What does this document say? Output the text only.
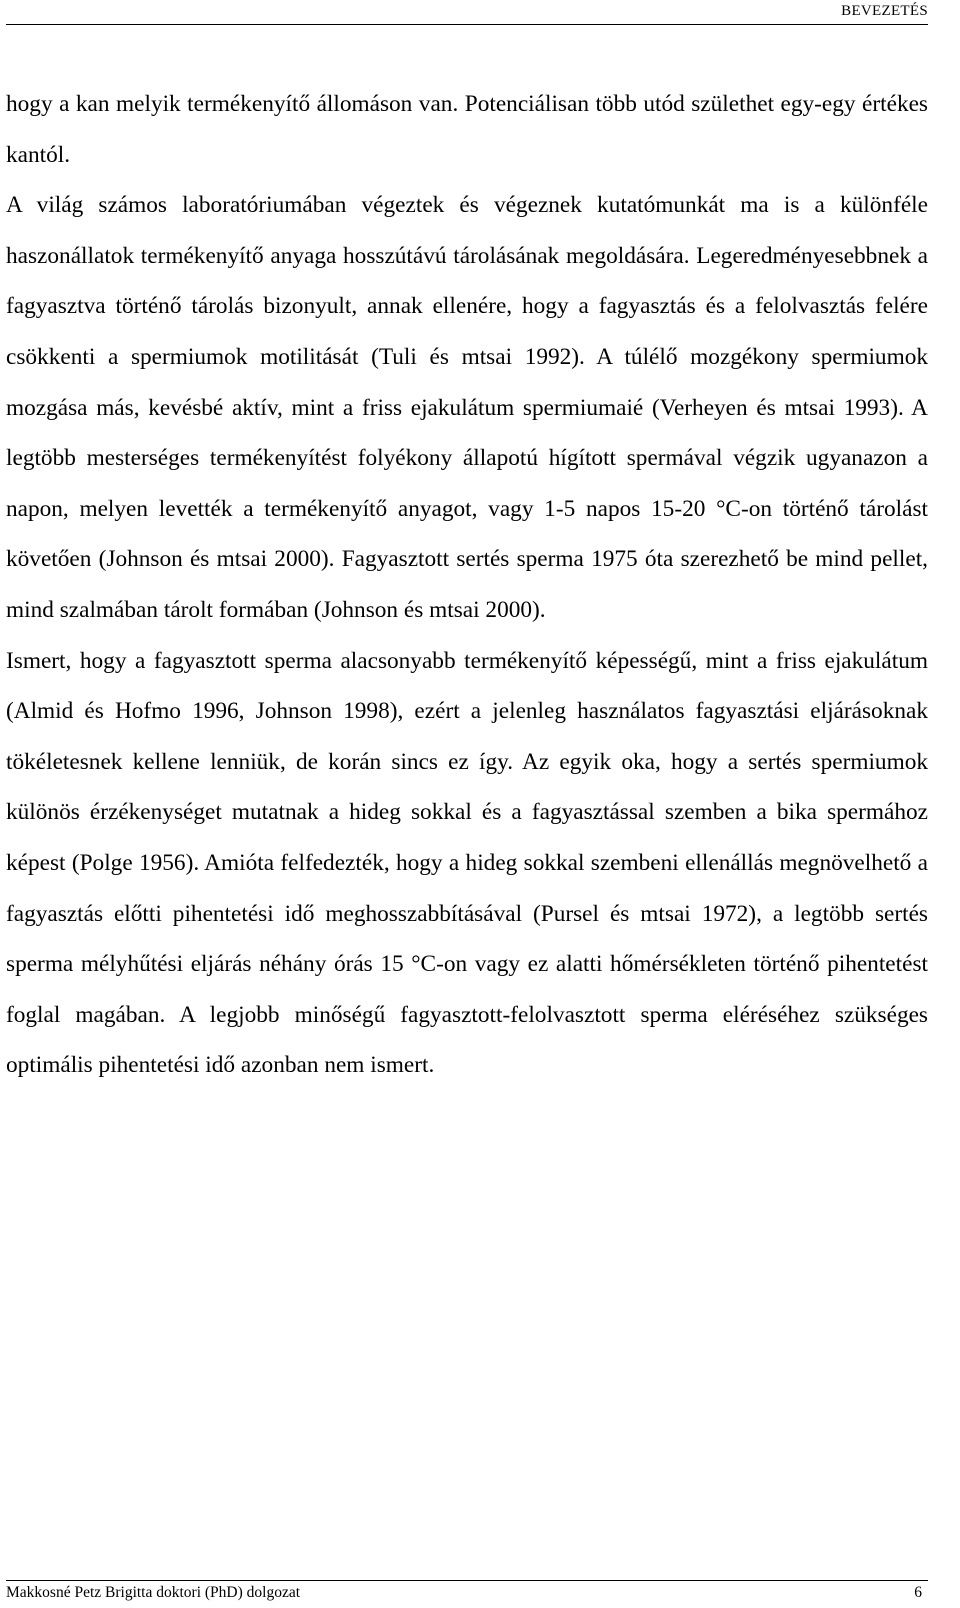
BEVEZETÉS

hogy a kan melyik termékenyítő állomáson van. Potenciálisan több utód születhet egy-egy értékes kantól.

A világ számos laboratóriumában végeztek és végeznek kutatómunkát ma is a különféle haszonállatok termékenyítő anyaga hosszútávú tárolásának megoldására. Legeredményesebbnek a fagyasztva történő tárolás bizonyult, annak ellenére, hogy a fagyasztás és a felolvasztás felére csökkenti a spermiumok motilitását (Tuli és mtsai 1992). A túlélő mozgékony spermiumok mozgása más, kevésbé aktív, mint a friss ejakulátum spermiumaié (Verheyen és mtsai 1993). A legtöbb mesterséges termékenyítést folyékony állapotú hígított spermával végzik ugyanazon a napon, melyen levették a termékenyítő anyagot, vagy 1-5 napos 15-20 °C-on történő tárolást követően (Johnson és mtsai 2000). Fagyasztott sertés sperma 1975 óta szerezhető be mind pellet, mind szalmában tárolt formában (Johnson és mtsai 2000).

Ismert, hogy a fagyasztott sperma alacsonyabb termékenyítő képességű, mint a friss ejakulátum (Almid és Hofmo 1996, Johnson 1998), ezért a jelenleg használatos fagyasztási eljárásoknak tökéletesnek kellene lenniük, de korán sincs ez így. Az egyik oka, hogy a sertés spermiumok különös érzékenységet mutatnak a hideg sokkal és a fagyasztással szemben a bika spermához képest (Polge 1956). Amióta felfedezték, hogy a hideg sokkal szembeni ellenállás megnövelhető a fagyasztás előtti pihentetési idő meghosszabbításával (Pursel és mtsai 1972), a legtöbb sertés sperma mélyhűtési eljárás néhány órás 15 °C-on vagy ez alatti hőmérsékleten történő pihentetést foglal magában. A legjobb minőségű fagyasztott-felolvasztott sperma eléréséhez szükséges optimális pihentetési idő azonban nem ismert.

Makkosné Petz Brigitta doktori (PhD) dolgozat	6
